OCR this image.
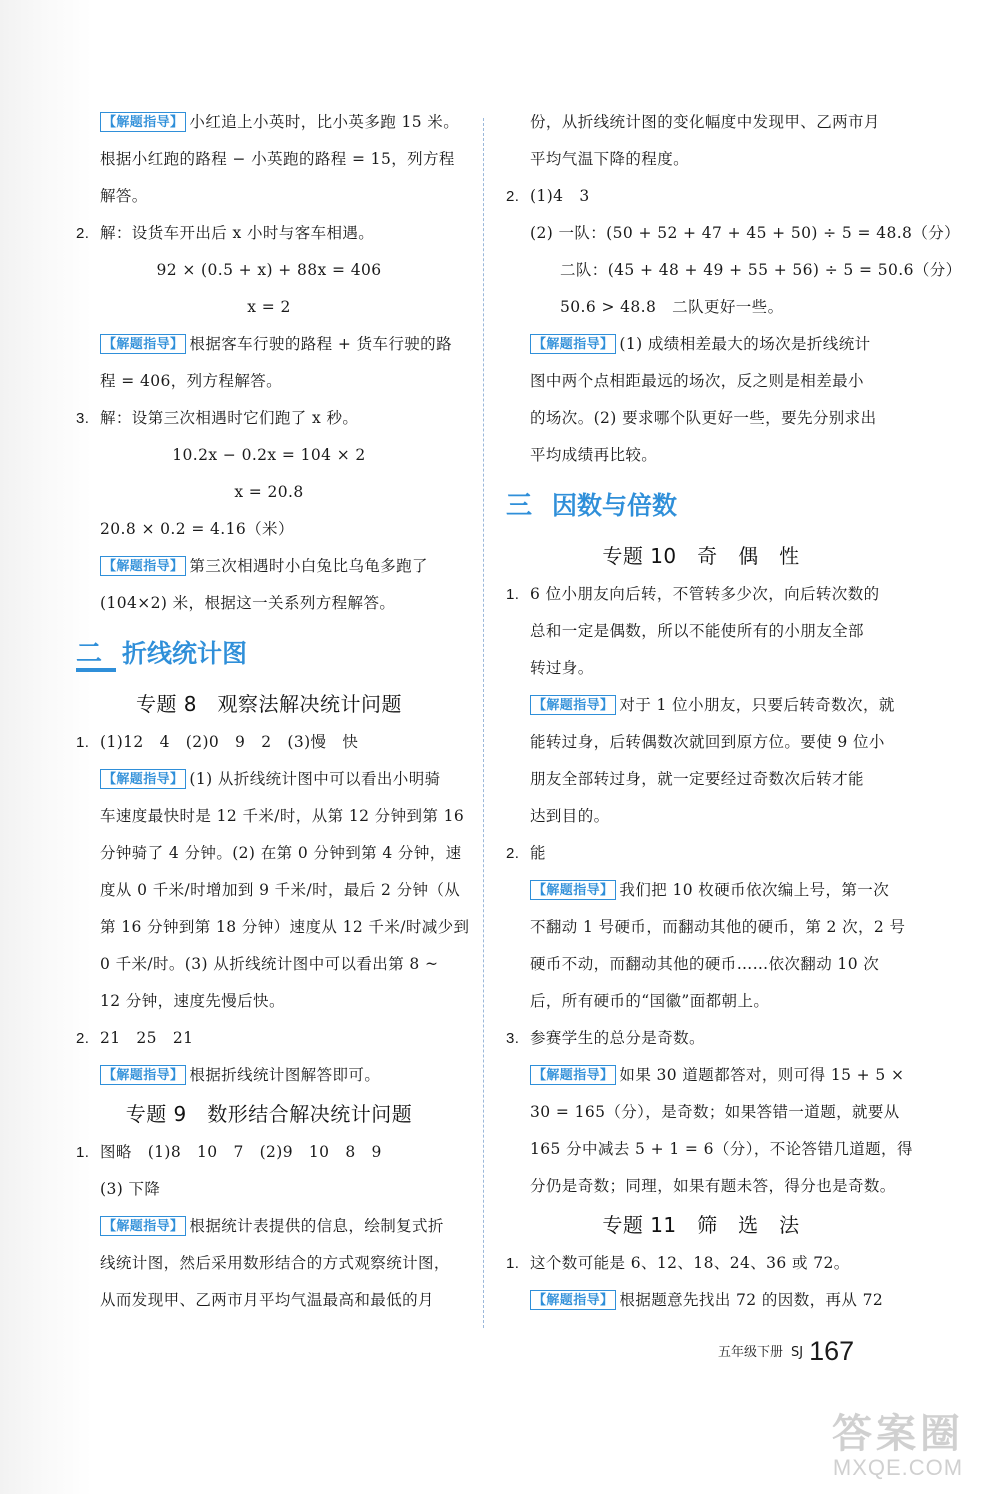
【解题指导】 小红追上小英时，比小英多跑 15 米。
根据小红跑的路程 − 小英跑的路程 = 15，列方程
解答。
2. 解：设货车开出后 x 小时与客车相遇。
92 × (0.5 + x) + 88x = 406
x = 2
【解题指导】 根据客车行驶的路程 + 货车行驶的路
程 = 406，列方程解答。
3. 解：设第三次相遇时它们跑了 x 秒。
10.2x − 0.2x = 104 × 2
x = 20.8
20.8 × 0.2 = 4.16（米）
【解题指导】 第三次相遇时小白兔比乌龟多跑了
(104×2) 米，根据这一关系列方程解答。
二 折线统计图
专题 8　观察法解决统计问题
1. (1)12　4　(2)0　9　2　(3)慢　快
【解题指导】 (1) 从折线统计图中可以看出小明骑
车速度最快时是 12 千米/时，从第 12 分钟到第 16
分钟骑了 4 分钟。(2) 在第 0 分钟到第 4 分钟，速
度从 0 千米/时增加到 9 千米/时，最后 2 分钟（从
第 16 分钟到第 18 分钟）速度从 12 千米/时减少到
0 千米/时。(3) 从折线统计图中可以看出第 8 ~
12 分钟，速度先慢后快。
2. 21　25　21
【解题指导】 根据折线统计图解答即可。
专题 9　数形结合解决统计问题
1. 图略　(1)8　10　7　(2)9　10　8　9
(3) 下降
【解题指导】 根据统计表提供的信息，绘制复式折
线统计图，然后采用数形结合的方式观察统计图，
从而发现甲、乙两市月平均气温最高和最低的月
份，从折线统计图的变化幅度中发现甲、乙两市月
平均气温下降的程度。
2. (1)4　3
(2) 一队：(50 + 52 + 47 + 45 + 50) ÷ 5 = 48.8（分）
二队：(45 + 48 + 49 + 55 + 56) ÷ 5 = 50.6（分）
50.6 > 48.8　二队更好一些。
【解题指导】 (1) 成绩相差最大的场次是折线统计
图中两个点相距最远的场次，反之则是相差最小
的场次。(2) 要求哪个队更好一些，要先分别求出
平均成绩再比较。
三 因数与倍数
专题 10　奇　偶　性
1. 6 位小朋友向后转，不管转多少次，向后转次数的
总和一定是偶数，所以不能使所有的小朋友全部
转过身。
【解题指导】 对于 1 位小朋友，只要后转奇数次，就
能转过身，后转偶数次就回到原方位。要使 9 位小
朋友全部转过身，就一定要经过奇数次后转才能
达到目的。
2. 能
【解题指导】 我们把 10 枚硬币依次编上号，第一次
不翻动 1 号硬币，而翻动其他的硬币，第 2 次，2 号
硬币不动，而翻动其他的硬币……依次翻动 10 次
后，所有硬币的“国徽”面都朝上。
3. 参赛学生的总分是奇数。
【解题指导】 如果 30 道题都答对，则可得 15 + 5 ×
30 = 165（分），是奇数；如果答错一道题，就要从
165 分中减去 5 + 1 = 6（分），不论答错几道题，得
分仍是奇数；同理，如果有题未答，得分也是奇数。
专题 11　筛　选　法
1. 这个数可能是 6、12、18、24、36 或 72。
【解题指导】 根据题意先找出 72 的因数，再从 72
$^{五年级下册}$ $^{SJ}$ 167
答案圈
MXQE.COM
